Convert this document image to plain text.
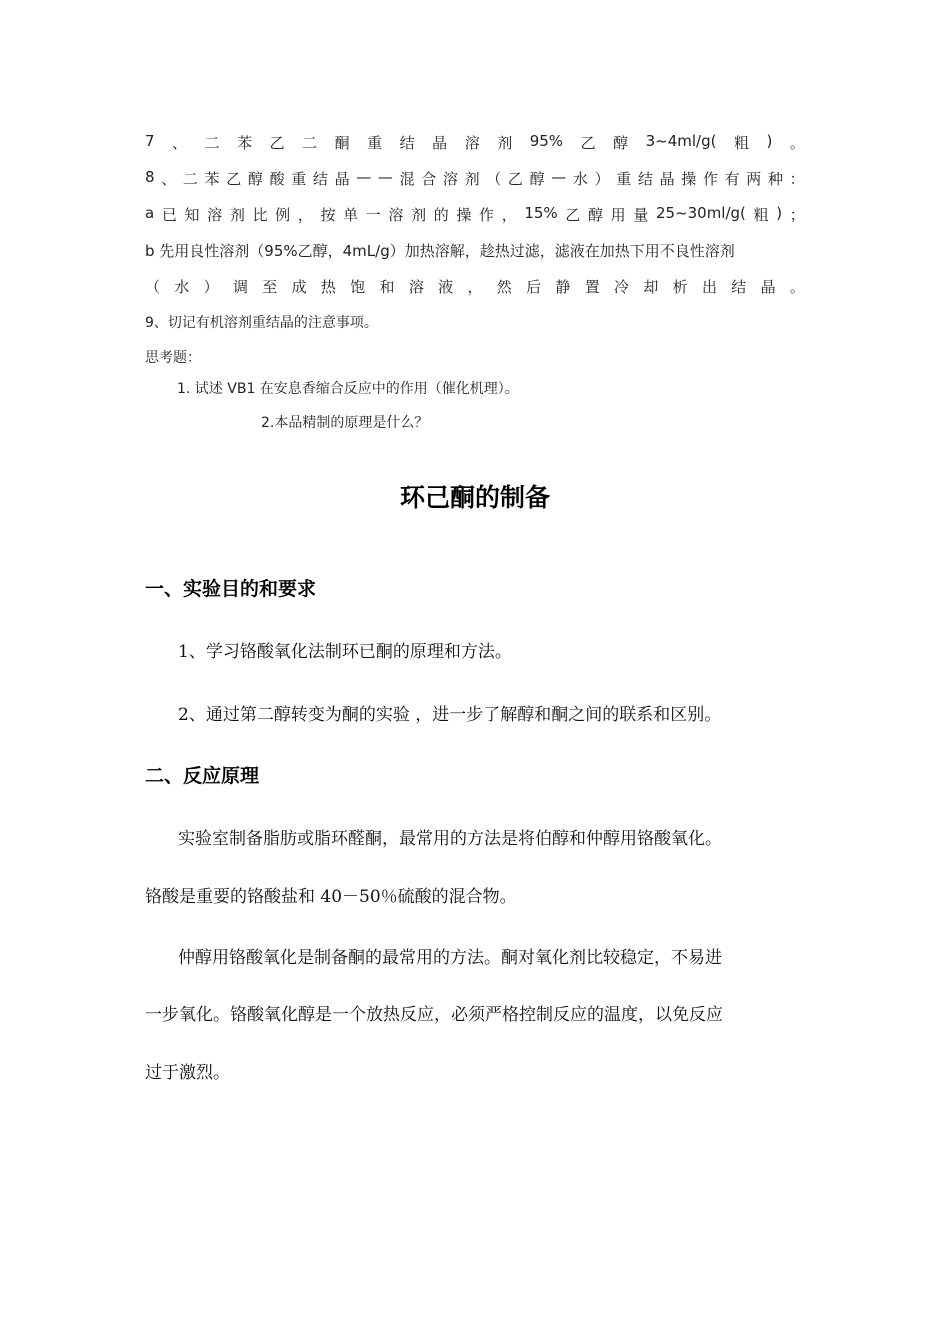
7 、 二 苯 乙 二 酮 重 结 晶 溶 剂 95% 乙 醇 3~4ml/g( 粗 ) 。
8 、 二 苯 乙 醇 酸 重 结 晶 — — 混 合 溶 剂 （ 乙 醇 — 水 ） 重 结 晶 操 作 有 两 种 ：
a 已 知 溶 剂 比 例 ， 按 单 一 溶 剂 的 操 作 ， 15% 乙 醇 用 量 25~30ml/g( 粗 ) ；
b 先用良性溶剂（95%乙醇，4mL/g）加热溶解，趁热过滤，滤液在加热下用不良性溶剂
（ 水 ） 调 至 成 热 饱 和 溶 液 ， 然 后 静 置 冷 却 析 出 结 晶 。
9、切记有机溶剂重结晶的注意事项。
思考题：
1. 试述 VB1 在安息香缩合反应中的作用（催化机理）。
2.本品精制的原理是什么？
环己酮的制备
一、实验目的和要求
1、学习铬酸氧化法制环已酮的原理和方法。
2、通过第二醇转变为酮的实验 ，进一步了解醇和酮之间的联系和区别。
二、反应原理
实验室制备脂肪或脂环醛酮，最常用的方法是将伯醇和仲醇用铬酸氧化。
铬酸是重要的铬酸盐和 40－50％硫酸的混合物。
仲醇用铬酸氧化是制备酮的最常用的方法。酮对氧化剂比较稳定，不易进
一步氧化。铬酸氧化醇是一个放热反应，必须严格控制反应的温度，以免反应
过于激烈。
